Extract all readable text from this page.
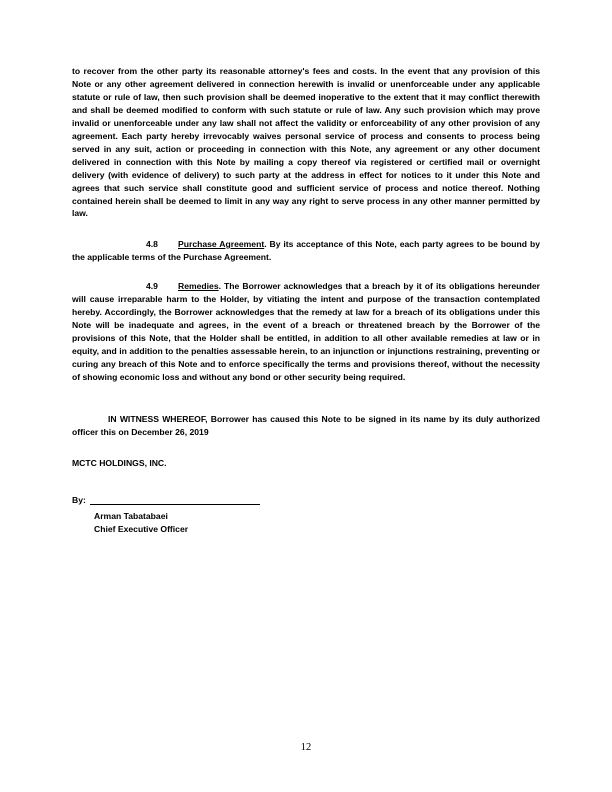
to recover from the other party its reasonable attorney's fees and costs. In the event that any provision of this Note or any other agreement delivered in connection herewith is invalid or unenforceable under any applicable statute or rule of law, then such provision shall be deemed inoperative to the extent that it may conflict therewith and shall be deemed modified to conform with such statute or rule of law. Any such provision which may prove invalid or unenforceable under any law shall not affect the validity or enforceability of any other provision of any agreement. Each party hereby irrevocably waives personal service of process and consents to process being served in any suit, action or proceeding in connection with this Note, any agreement or any other document delivered in connection with this Note by mailing a copy thereof via registered or certified mail or overnight delivery (with evidence of delivery) to such party at the address in effect for notices to it under this Note and agrees that such service shall constitute good and sufficient service of process and notice thereof. Nothing contained herein shall be deemed to limit in any way any right to serve process in any other manner permitted by law.

4.8 Purchase Agreement. By its acceptance of this Note, each party agrees to be bound by the applicable terms of the Purchase Agreement.

4.9 Remedies. The Borrower acknowledges that a breach by it of its obligations hereunder will cause irreparable harm to the Holder, by vitiating the intent and purpose of the transaction contemplated hereby. Accordingly, the Borrower acknowledges that the remedy at law for a breach of its obligations under this Note will be inadequate and agrees, in the event of a breach or threatened breach by the Borrower of the provisions of this Note, that the Holder shall be entitled, in addition to all other available remedies at law or in equity, and in addition to the penalties assessable herein, to an injunction or injunctions restraining, preventing or curing any breach of this Note and to enforce specifically the terms and provisions thereof, without the necessity of showing economic loss and without any bond or other security being required.

IN WITNESS WHEREOF, Borrower has caused this Note to be signed in its name by its duly authorized officer this on December 26, 2019

MCTC HOLDINGS, INC.

By:
Arman Tabatabaei
Chief Executive Officer
12
